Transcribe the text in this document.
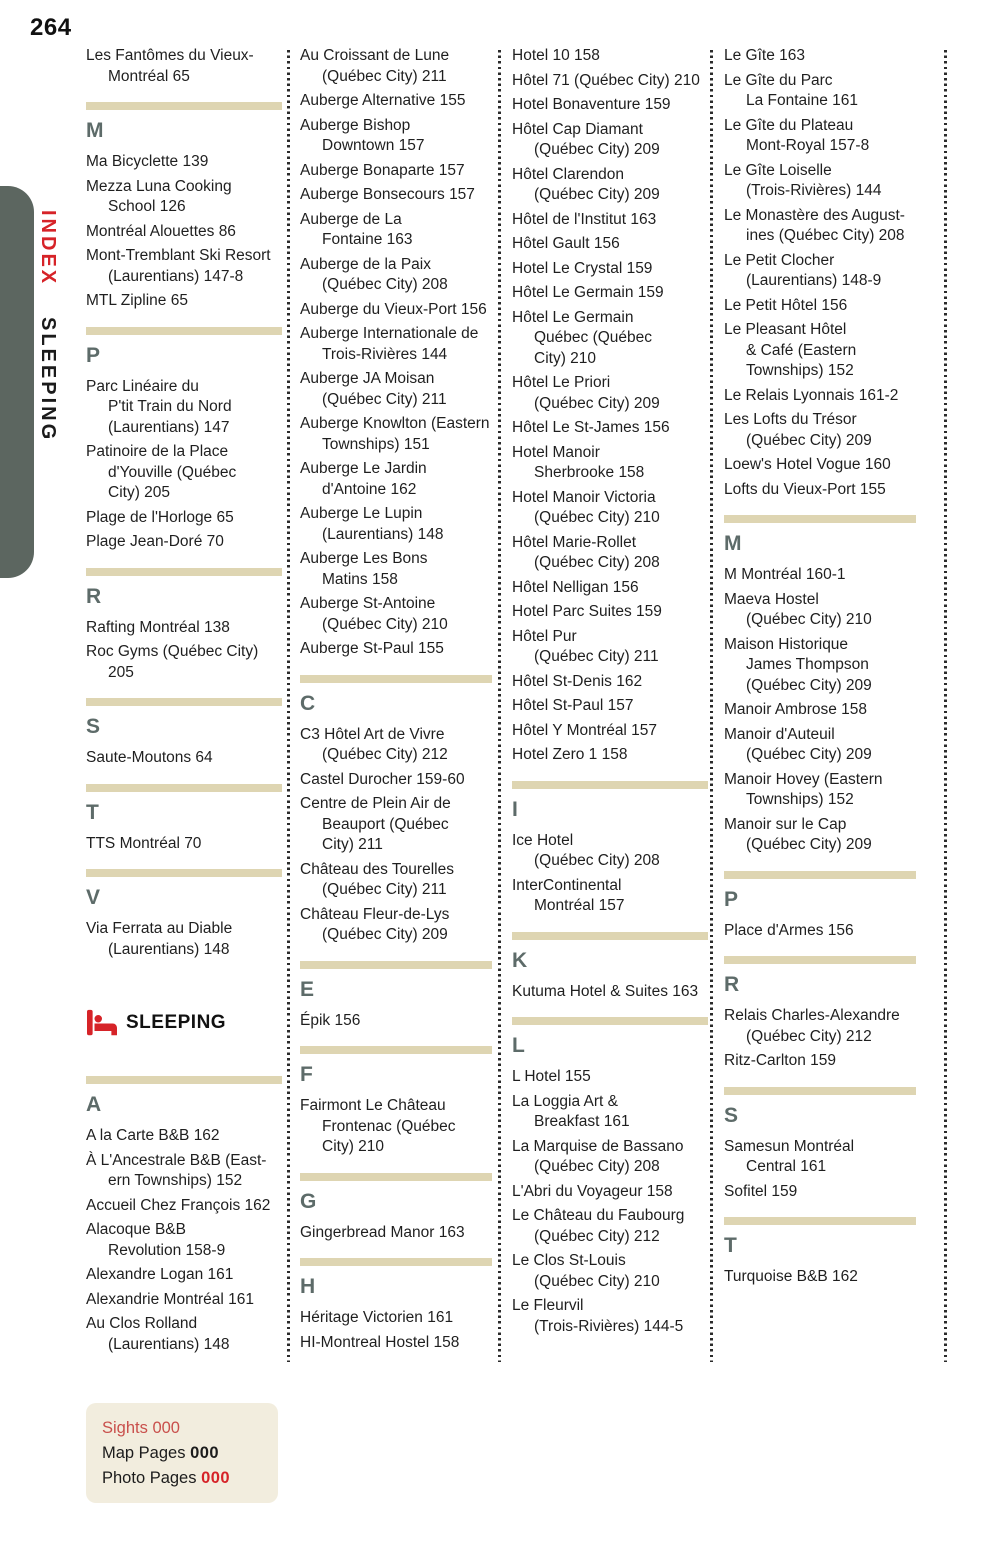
264
INDEX SLEEPING
Les Fantômes du Vieux-
Montréal 65
M
Ma Bicyclette 139
Mezza Luna Cooking
School 126
Montréal Alouettes 86
Mont-Tremblant Ski Resort
(Laurentians) 147-8
MTL Zipline 65
P
Parc Linéaire du
P'tit Train du Nord
(Laurentians) 147
Patinoire de la Place
d'Youville (Québec
City) 205
Plage de l'Horloge 65
Plage Jean-Doré 70
R
Rafting Montréal 138
Roc Gyms (Québec City)
205
S
Saute-Moutons 64
T
TTS Montréal 70
V
Via Ferrata au Diable
(Laurentians) 148
SLEEPING
A
A la Carte B&B 162
À L'Ancestrale B&B (East-
ern Townships) 152
Accueil Chez François 162
Alacoque B&B
Revolution 158-9
Alexandre Logan 161
Alexandrie Montréal 161
Au Clos Rolland
(Laurentians) 148
Au Croissant de Lune
(Québec City) 211
Auberge Alternative 155
Auberge Bishop
Downtown 157
Auberge Bonaparte 157
Auberge Bonsecours 157
Auberge de La
Fontaine 163
Auberge de la Paix
(Québec City) 208
Auberge du Vieux-Port 156
Auberge Internationale de
Trois-Rivières 144
Auberge JA Moisan
(Québec City) 211
Auberge Knowlton (Eastern
Townships) 151
Auberge Le Jardin
d'Antoine 162
Auberge Le Lupin
(Laurentians) 148
Auberge Les Bons
Matins 158
Auberge St-Antoine
(Québec City) 210
Auberge St-Paul 155
C
C3 Hôtel Art de Vivre
(Québec City) 212
Castel Durocher 159-60
Centre de Plein Air de
Beauport (Québec
City) 211
Château des Tourelles
(Québec City) 211
Château Fleur-de-Lys
(Québec City) 209
E
Épik 156
F
Fairmont Le Château
Frontenac (Québec
City) 210
G
Gingerbread Manor 163
H
Héritage Victorien 161
HI-Montreal Hostel 158
Hotel 10 158
Hôtel 71 (Québec City) 210
Hotel Bonaventure 159
Hôtel Cap Diamant
(Québec City) 209
Hôtel Clarendon
(Québec City) 209
Hôtel de l'Institut 163
Hôtel Gault 156
Hotel Le Crystal 159
Hôtel Le Germain 159
Hôtel Le Germain
Québec (Québec
City) 210
Hôtel Le Priori
(Québec City) 209
Hôtel Le St-James 156
Hotel Manoir
Sherbrooke 158
Hotel Manoir Victoria
(Québec City) 210
Hôtel Marie-Rollet
(Québec City) 208
Hôtel Nelligan 156
Hotel Parc Suites 159
Hôtel Pur
(Québec City) 211
Hôtel St-Denis 162
Hôtel St-Paul 157
Hôtel Y Montréal 157
Hotel Zero 1 158
I
Ice Hotel
(Québec City) 208
InterContinental
Montréal 157
K
Kutuma Hotel & Suites 163
L
L Hotel 155
La Loggia Art &
Breakfast 161
La Marquise de Bassano
(Québec City) 208
L'Abri du Voyageur 158
Le Château du Faubourg
(Québec City) 212
Le Clos St-Louis
(Québec City) 210
Le Fleurvil
(Trois-Rivières) 144-5
Le Gîte 163
Le Gîte du Parc
La Fontaine 161
Le Gîte du Plateau
Mont-Royal 157-8
Le Gîte Loiselle
(Trois-Rivières) 144
Le Monastère des August-
ines (Québec City) 208
Le Petit Clocher
(Laurentians) 148-9
Le Petit Hôtel 156
Le Pleasant Hôtel
& Café (Eastern
Townships) 152
Le Relais Lyonnais 161-2
Les Lofts du Trésor
(Québec City) 209
Loew's Hotel Vogue 160
Lofts du Vieux-Port 155
M
M Montréal 160-1
Maeva Hostel
(Québec City) 210
Maison Historique
James Thompson
(Québec City) 209
Manoir Ambrose 158
Manoir d'Auteuil
(Québec City) 209
Manoir Hovey (Eastern
Townships) 152
Manoir sur le Cap
(Québec City) 209
P
Place d'Armes 156
R
Relais Charles-Alexandre
(Québec City) 212
Ritz-Carlton 159
S
Samesun Montréal
Central 161
Sofitel 159
T
Turquoise B&B 162
Sights 000
Map Pages 000
Photo Pages 000
